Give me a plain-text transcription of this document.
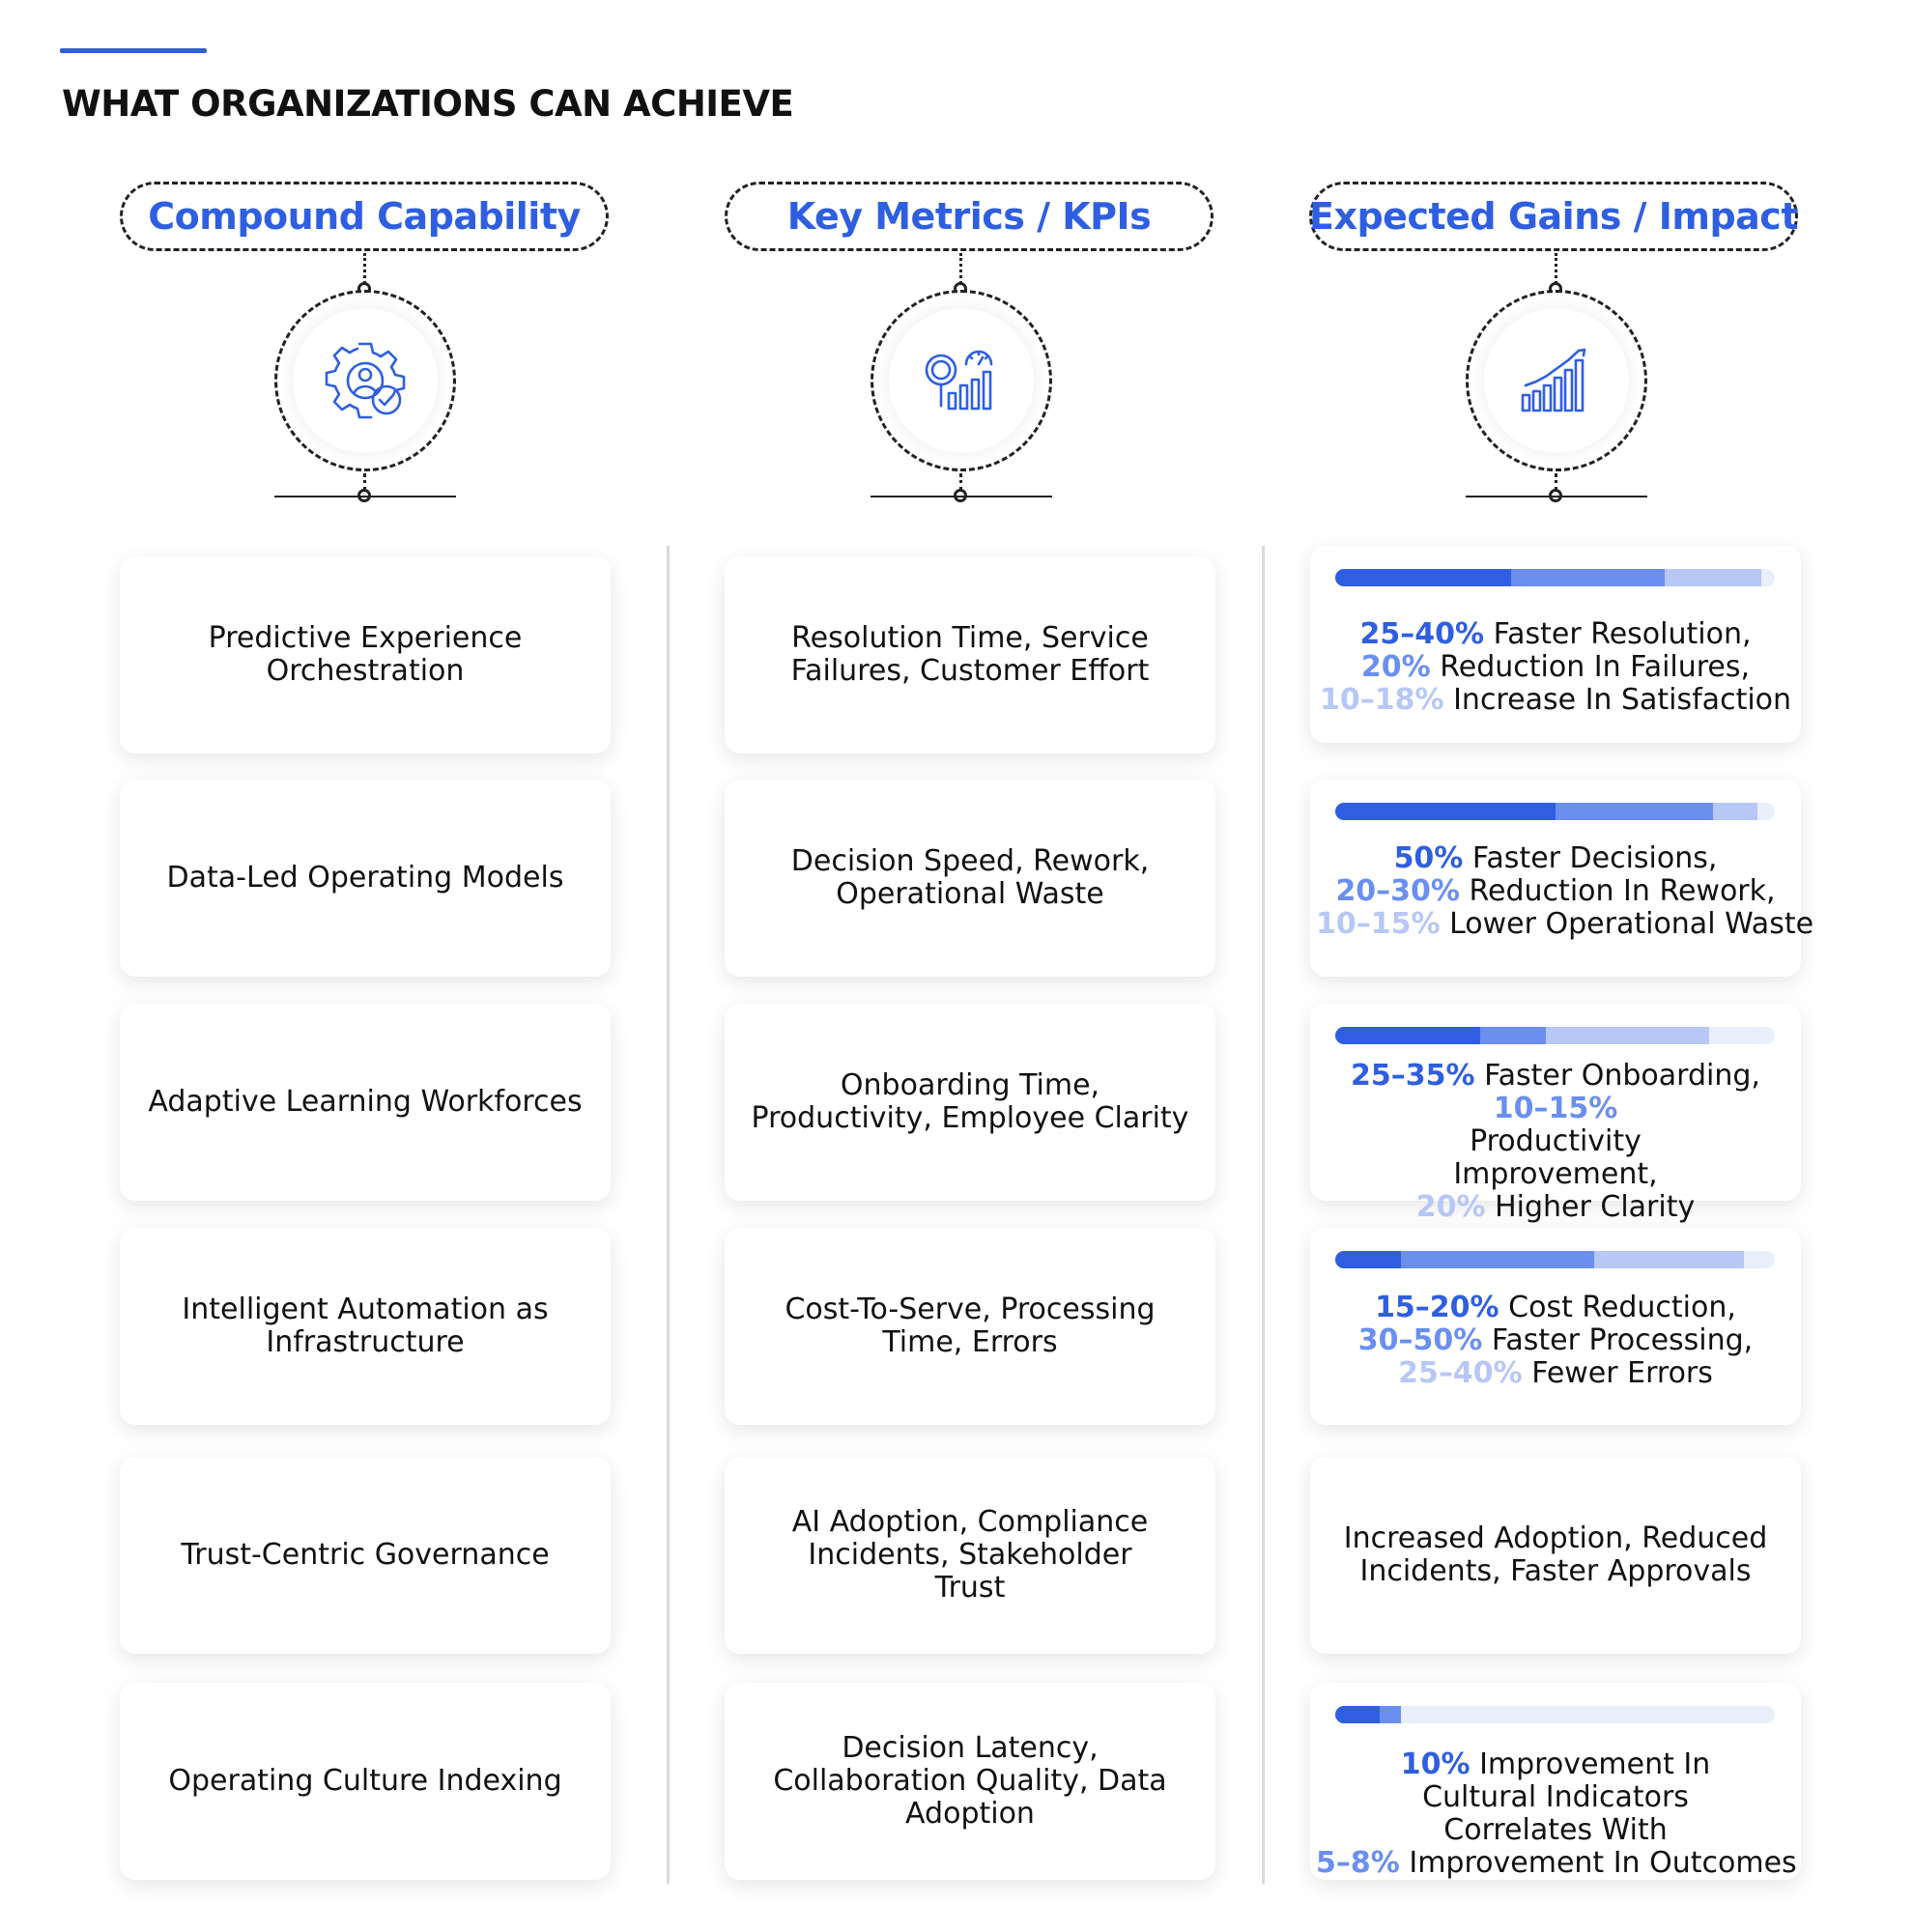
WHAT ORGANIZATIONS CAN ACHIEVE
Compound Capability	Key Metrics / KPIs	Expected Gains / Impact
Predictive Experience Orchestration
Data-Led Operating Models
Adaptive Learning Workforces
Intelligent Automation as Infrastructure
Trust-Centric Governance
Operating Culture Indexing
Resolution Time, Service Failures, Customer Effort
Decision Speed, Rework, Operational Waste
Onboarding Time, Productivity, Employee Clarity
Cost-To-Serve, Processing Time, Errors
AI Adoption, Compliance Incidents, Stakeholder Trust
Decision Latency, Collaboration Quality, Data Adoption
25–40% Faster Resolution,
20% Reduction In Failures,
10–18% Increase In Satisfaction
50% Faster Decisions,
20–30% Reduction In Rework,
10–15% Lower Operational Waste
25–35% Faster Onboarding,
10–15% Productivity Improvement,
20% Higher Clarity
15–20% Cost Reduction,
30–50% Faster Processing,
25–40% Fewer Errors
Increased Adoption, Reduced Incidents, Faster Approvals
10% Improvement In Cultural Indicators Correlates With
5–8% Improvement In Outcomes
